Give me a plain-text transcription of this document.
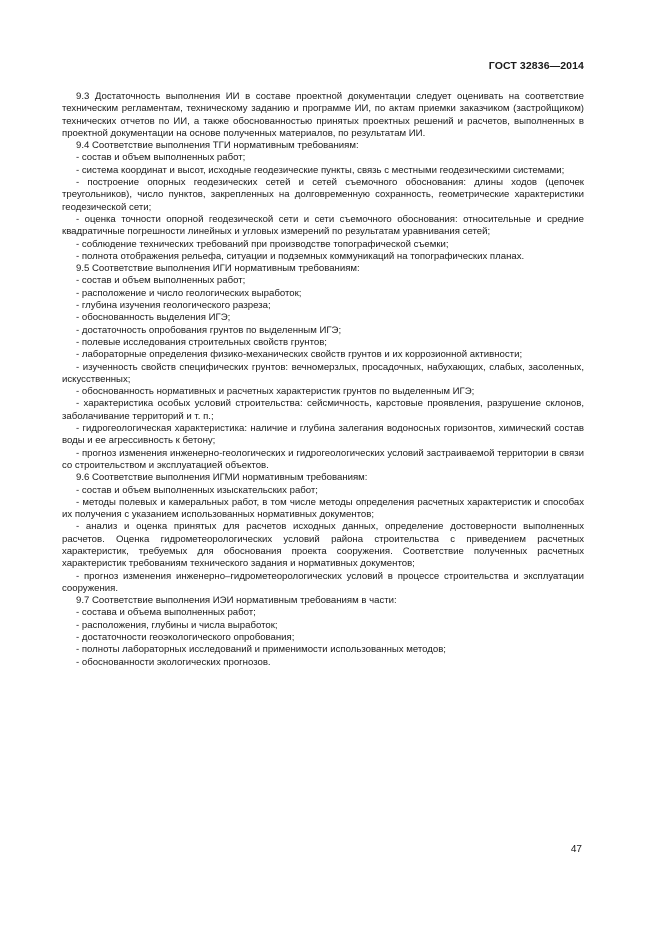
ГОСТ 32836—2014

9.3 Достаточность выполнения ИИ в составе проектной документации следует оценивать на соответствие техническим регламентам, техническому заданию и программе ИИ, по актам приемки заказчиком (застройщиком) технических отчетов по ИИ, а также обоснованностью принятых проектных решений и расчетов, выполненных в проектной документации на основе полученных материалов, по результатам ИИ.

9.4 Соответствие выполнения ТГИ нормативным требованиям:

- состав и объем выполненных работ;

- система координат и высот, исходные геодезические пункты, связь с местными геодезическими системами;

- построение опорных геодезических сетей и сетей съемочного обоснования: длины ходов (цепочек треугольников), число пунктов, закрепленных на долговременную сохранность, геометрические характеристики геодезической сети;

- оценка точности опорной геодезической сети и сети съемочного обоснования: относительные и средние квадратичные погрешности линейных и угловых измерений по результатам уравнивания сетей;

- соблюдение технических требований при производстве топографической съемки;

- полнота отображения рельефа, ситуации и подземных коммуникаций на топографических планах.

9.5 Соответствие выполнения ИГИ нормативным требованиям:

- состав и объем выполненных работ;

- расположение и число геологических выработок;

- глубина изучения геологического разреза;

- обоснованность выделения ИГЭ;

- достаточность опробования грунтов по выделенным ИГЭ;

- полевые исследования строительных свойств грунтов;

- лабораторные определения физико-механических свойств грунтов и их коррозионной активности;

- изученность свойств специфических грунтов: вечномерзлых, просадочных, набухающих, слабых, засоленных, искусственных;

- обоснованность нормативных и расчетных характеристик грунтов по выделенным ИГЭ;

- характеристика особых условий строительства: сейсмичность, карстовые проявления, разрушение склонов, заболачивание территорий и т. п.;

- гидрогеологическая характеристика: наличие и глубина залегания водоносных горизонтов, химический состав воды и ее агрессивность к бетону;

- прогноз изменения инженерно-геологических и гидрогеологических условий застраиваемой территории в связи со строительством и эксплуатацией объектов.

9.6 Соответствие выполнения ИГМИ нормативным требованиям:

- состав и объем выполненных изыскательских работ;

- методы полевых и камеральных работ, в том числе методы определения расчетных характеристик и способах их получения с указанием использованных нормативных документов;

- анализ и оценка принятых для расчетов исходных данных, определение достоверности выполненных расчетов. Оценка гидрометеорологических условий района строительства с приведением расчетных характеристик, требуемых для обоснования проекта сооружения. Соответствие полученных расчетных характеристик требованиям технического задания и нормативных документов;

- прогноз изменения инженерно–гидрометеорологических условий в процессе строительства и эксплуатации сооружения.

9.7 Соответствие выполнения ИЭИ нормативным требованиям в части:

- состава и объема выполненных работ;

- расположения, глубины и числа выработок;

- достаточности геоэкологического опробования;

- полноты лабораторных исследований и применимости использованных методов;

- обоснованности экологических прогнозов.

47
